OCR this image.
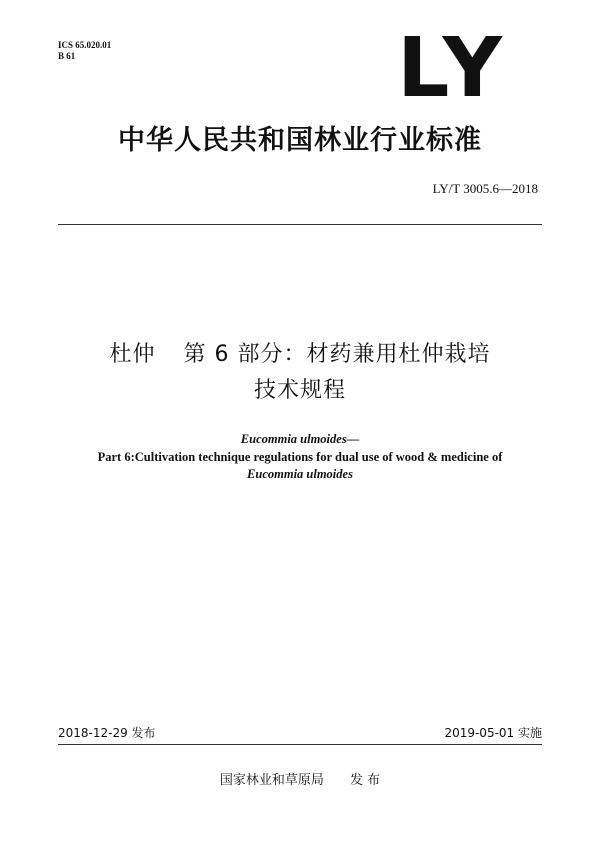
ICS 65.020.01
B 61	LY
中华人民共和国林业行业标准
LY/T 3005.6—2018
杜仲 第 6 部分：材药兼用杜仲栽培
技术规程
Eucommia ulmoides—
Part 6:Cultivation technique regulations for dual use of wood & medicine of
Eucommia ulmoides
2018-12-29 发布	2019-05-01 实施
国家林业和草原局 发 布
